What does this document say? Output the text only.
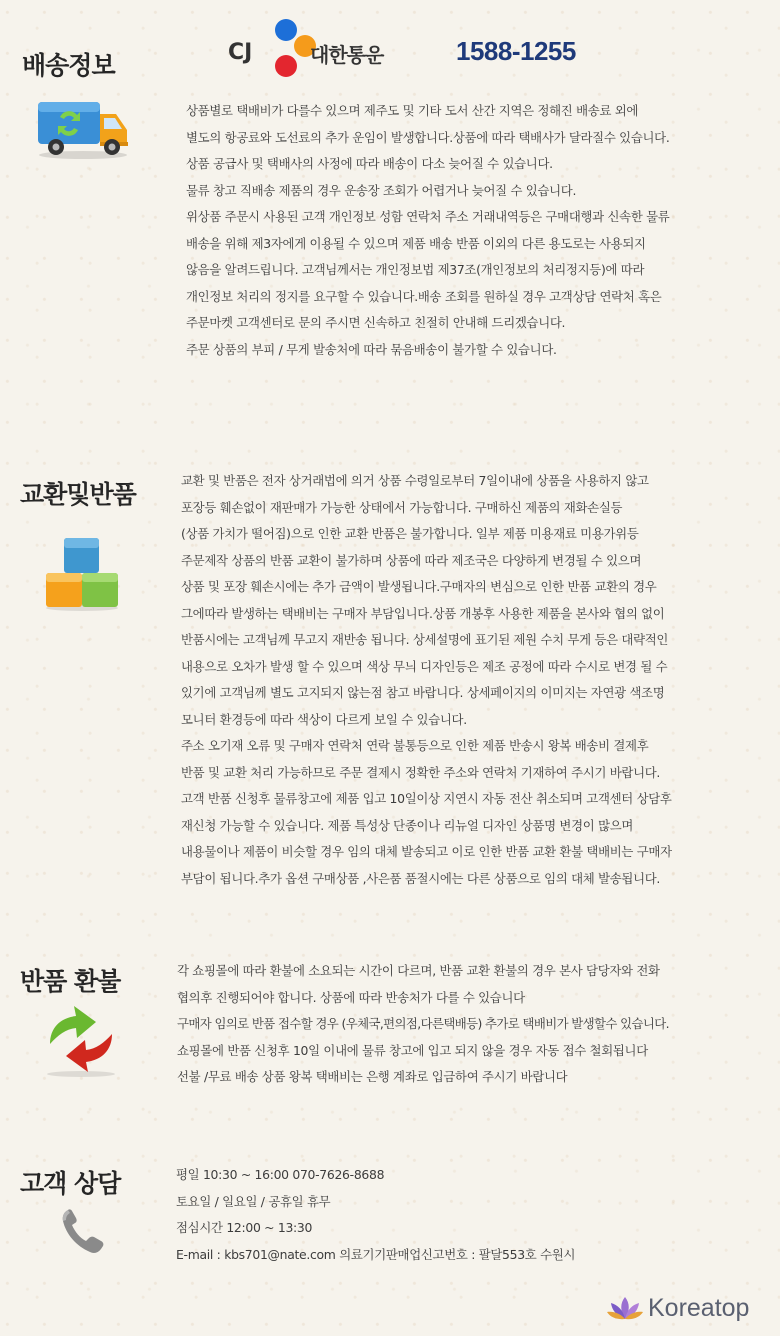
배송정보	CJ	대한통운	1588-1255
상품별로 택배비가 다를수 있으며 제주도 및 기타 도서 산간 지역은 정해진 배송료 외에
별도의 항공료와 도선료의 추가 운임이 발생합니다.상품에 따라 택배사가 달라질수 있습니다.
상품 공급사 및 택배사의 사정에 따라 배송이 다소 늦어질 수 있습니다.
물류 창고 직배송 제품의 경우 운송장 조회가 어렵거나 늦어질 수 있습니다.
위상품 주문시 사용된 고객 개인정보 성함 연락처 주소 거래내역등은 구매대행과 신속한 물류
배송을 위해 제3자에게 이용될 수 있으며 제품 배송 반품 이외의 다른 용도로는 사용되지
않음을 알려드립니다. 고객님께서는 개인정보법 제37조(개인정보의 처리정지등)에 따라
개인정보 처리의 정지를 요구할 수 있습니다.배송 조회를 원하실 경우 고객상담 연락처 혹은
주문마켓 고객센터로 문의 주시면 신속하고 친절히 안내해 드리겠습니다.
주문 상품의 부피 / 무게 발송처에 따라 묶음배송이 불가할 수 있습니다.
교환및반품	교환 및 반품은 전자 상거래법에 의거 상품 수령일로부터 7일이내에 상품을 사용하지 않고
포장등 훼손없이 재판매가 가능한 상태에서 가능합니다. 구매하신 제품의 재화손실등
(상품 가치가 떨어짐)으로 인한 교환 반품은 불가합니다. 일부 제품 미용재료 미용가위등
주문제작 상품의 반품 교환이 불가하며 상품에 따라 제조국은 다양하게 변경될 수 있으며
상품 및 포장 훼손시에는 추가 금액이 발생됩니다.구매자의 변심으로 인한 반품 교환의 경우
그에따라 발생하는 택배비는 구매자 부담입니다.상품 개봉후 사용한 제품을 본사와 협의 없이
반품시에는 고객님께 무고지 재반송 됩니다. 상세설명에 표기된 제원 수치 무게 등은 대략적인
내용으로 오차가 발생 할 수 있으며 색상 무늬 디자인등은 제조 공정에 따라 수시로 변경 될 수
있기에 고객님께 별도 고지되지 않는점 참고 바랍니다. 상세페이지의 이미지는 자연광 색조명
모니터 환경등에 따라 색상이 다르게 보일 수 있습니다.
주소 오기재 오류 및 구매자 연락처 연락 불통등으로 인한 제품 반송시 왕복 배송비 결제후
반품 및 교환 처리 가능하므로 주문 결제시 정확한 주소와 연락처 기재하여 주시기 바랍니다.
고객 반품 신청후 물류창고에 제품 입고 10일이상 지연시 자동 전산 취소되며 고객센터 상담후
재신청 가능할 수 있습니다. 제품 특성상 단종이나 리뉴얼 디자인 상품명 변경이 많으며
내용물이나 제품이 비슷할 경우 임의 대체 발송되고 이로 인한 반품 교환 환불 택배비는 구매자
부담이 됩니다.추가 옵션 구매상품 ,사은품 품절시에는 다른 상품으로 임의 대체 발송됩니다.
반품 환불	각 쇼핑몰에 따라 환불에 소요되는 시간이 다르며, 반품 교환 환불의 경우 본사 담당자와 전화
협의후 진행되어야 합니다. 상품에 따라 반송처가 다를 수 있습니다
구매자 임의로 반품 접수할 경우 (우체국,편의점,다른택배등) 추가로 택배비가 발생할수 있습니다.
쇼핑몰에 반품 신청후 10일 이내에 물류 창고에 입고 되지 않을 경우 자동 접수 철회됩니다
선불 /무료 배송 상품 왕복 택배비는 은행 계좌로 입금하여 주시기 바랍니다
고객 상담	평일 10:30 ~ 16:00 070-7626-8688
토요일 / 일요일 / 공휴일 휴무
점심시간 12:00 ~ 13:30
E-mail : kbs701@nate.com 의료기기판매업신고번호 : 팔달553호 수원시
Koreatop
